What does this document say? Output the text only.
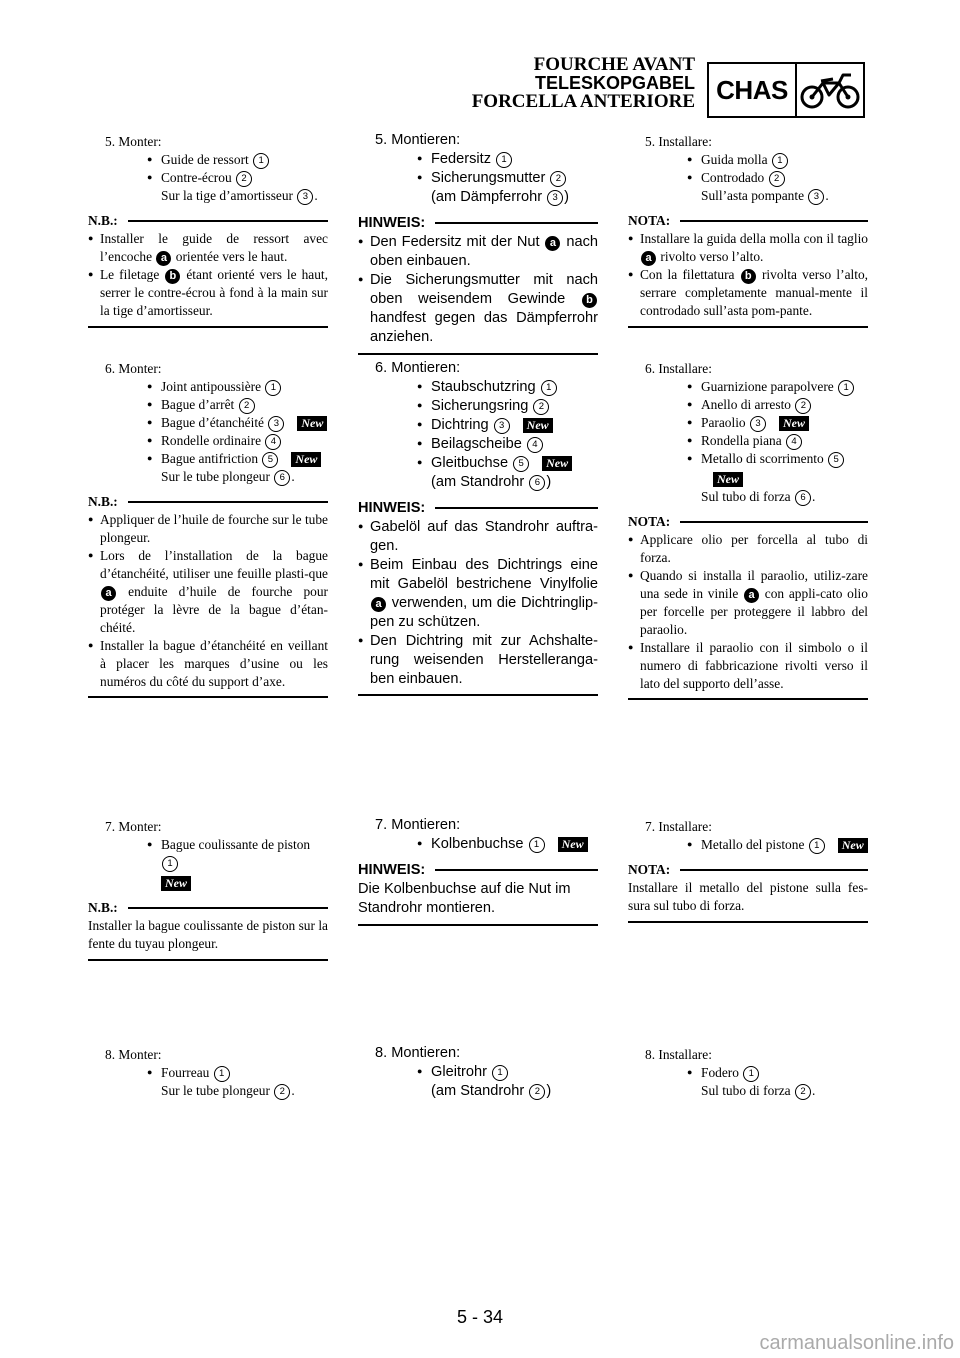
FOURCHE AVANT
TELESKOPGABEL
FORCELLA ANTERIORE CHAS
5. Monter:
● Guide de ressort 1
● Contre-écrou 2
Sur la tige d’amortisseur 3 .
N.B.:
● Installer le guide de ressort avec l’encoche a orientée vers le haut.
● Le filetage b étant orienté vers le haut, serrer le contre-écrou à fond à la main sur la tige d’amortisseur.
6. Monter:
● Joint antipoussière 1
● Bague d’arrêt 2
● Bague d’étanchéité 3 New
● Rondelle ordinaire 4
● Bague antifriction 5 New
Sur le tube plongeur 6 .
N.B.:
● Appliquer de l’huile de fourche sur le tube plongeur.
● Lors de l’installation de la bague d’étanchéité, utiliser une feuille plasti-que a enduite d’huile de fourche pour protéger la lèvre de la bague d’étan-chéité.
● Installer la bague d’étanchéité en veillant à placer les marques d’usine ou les numéros du côté du support d’axe.
7. Monter:
● Bague coulissante de piston 1
New
N.B.:
Installer la bague coulissante de piston sur la fente du tuyau plongeur.
8. Monter:
● Fourreau 1
Sur le tube plongeur 2 .
5. Montieren:
● Federsitz 1
● Sicherungsmutter 2
(am Dämpferrohr 3 )
HINWEIS:
● Den Federsitz mit der Nut a nach oben einbauen.
● Die Sicherungsmutter mit nach oben weisendem Gewinde b handfest gegen das Dämpferrohr anziehen.
6. Montieren:
● Staubschutzring 1
● Sicherungsring 2
● Dichtring 3 New
● Beilagscheibe 4
● Gleitbuchse 5 New
(am Standrohr 6 )
HINWEIS:
● Gabelöl auf das Standrohr auftra-gen.
● Beim Einbau des Dichtrings eine mit Gabelöl bestrichene Vinylfolie a verwenden, um die Dichtringlip-pen zu schützen.
● Den Dichtring mit zur Achshalte-rung weisenden Herstelleranga-ben einbauen.
7. Montieren:
● Kolbenbuchse 1 New
HINWEIS:
Die Kolbenbuchse auf die Nut im Standrohr montieren.
8. Montieren:
● Gleitrohr 1
(am Standrohr 2 )
5. Installare:
● Guida molla 1
● Controdado 2
Sull’asta pompante 3 .
NOTA:
● Installare la guida della molla con il taglio a rivolto verso l’alto.
● Con la filettatura b rivolta verso l’alto, serrare completamente manual-mente il controdado sull’asta pom-pante.
6. Installare:
● Guarnizione parapolvere 1
● Anello di arresto 2
● Paraolio 3 New
● Rondella piana 4
● Metallo di scorrimento 5
New
Sul tubo di forza 6 .
NOTA:
● Applicare olio per forcella al tubo di forza.
● Quando si installa il paraolio, utiliz-zare una sede in vinile a con appli-cato olio per forcelle per proteggere il labbro del paraolio.
● Installare il paraolio con il simbolo o il numero di fabbricazione rivolti verso il lato del supporto dell’asse.
7. Installare:
● Metallo del pistone 1 New
NOTA:
Installare il metallo del pistone sulla fes-sura sul tubo di forza.
8. Installare:
● Fodero 1
Sul tubo di forza 2 .
5 - 34
carmanualsonline.info
